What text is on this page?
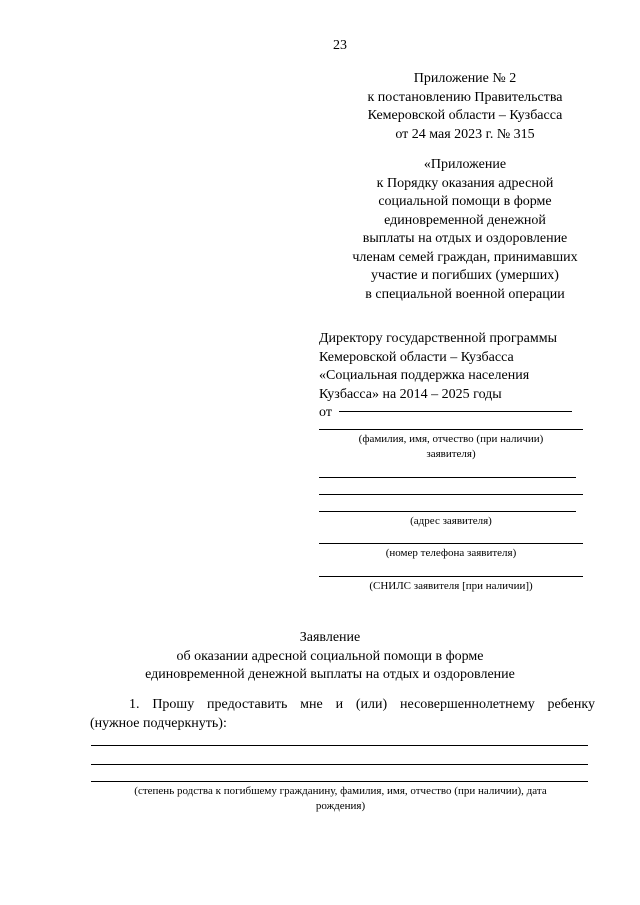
23
Приложение № 2
к постановлению Правительства
Кемеровской области – Кузбасса
от 24 мая 2023 г. № 315
«Приложение
к Порядку оказания адресной
социальной помощи в форме
единовременной денежной
выплаты на отдых и оздоровление
членам семей граждан, принимавших
участие и погибших (умерших)
в специальной военной операции
Директору государственной программы
Кемеровской области – Кузбасса
«Социальная поддержка населения
Кузбасса» на 2014 – 2025 годы
от
(фамилия, имя, отчество (при наличии)
заявителя)
(адрес заявителя)
(номер телефона заявителя)
(СНИЛС заявителя [при наличии])
Заявление
об оказании адресной социальной помощи в форме
единовременной денежной выплаты на отдых и оздоровление
1. Прошу предоставить мне и (или) несовершеннолетнему ребенку
(нужное подчеркнуть):
(степень родства к погибшему гражданину, фамилия, имя, отчество (при наличии), дата
рождения)
